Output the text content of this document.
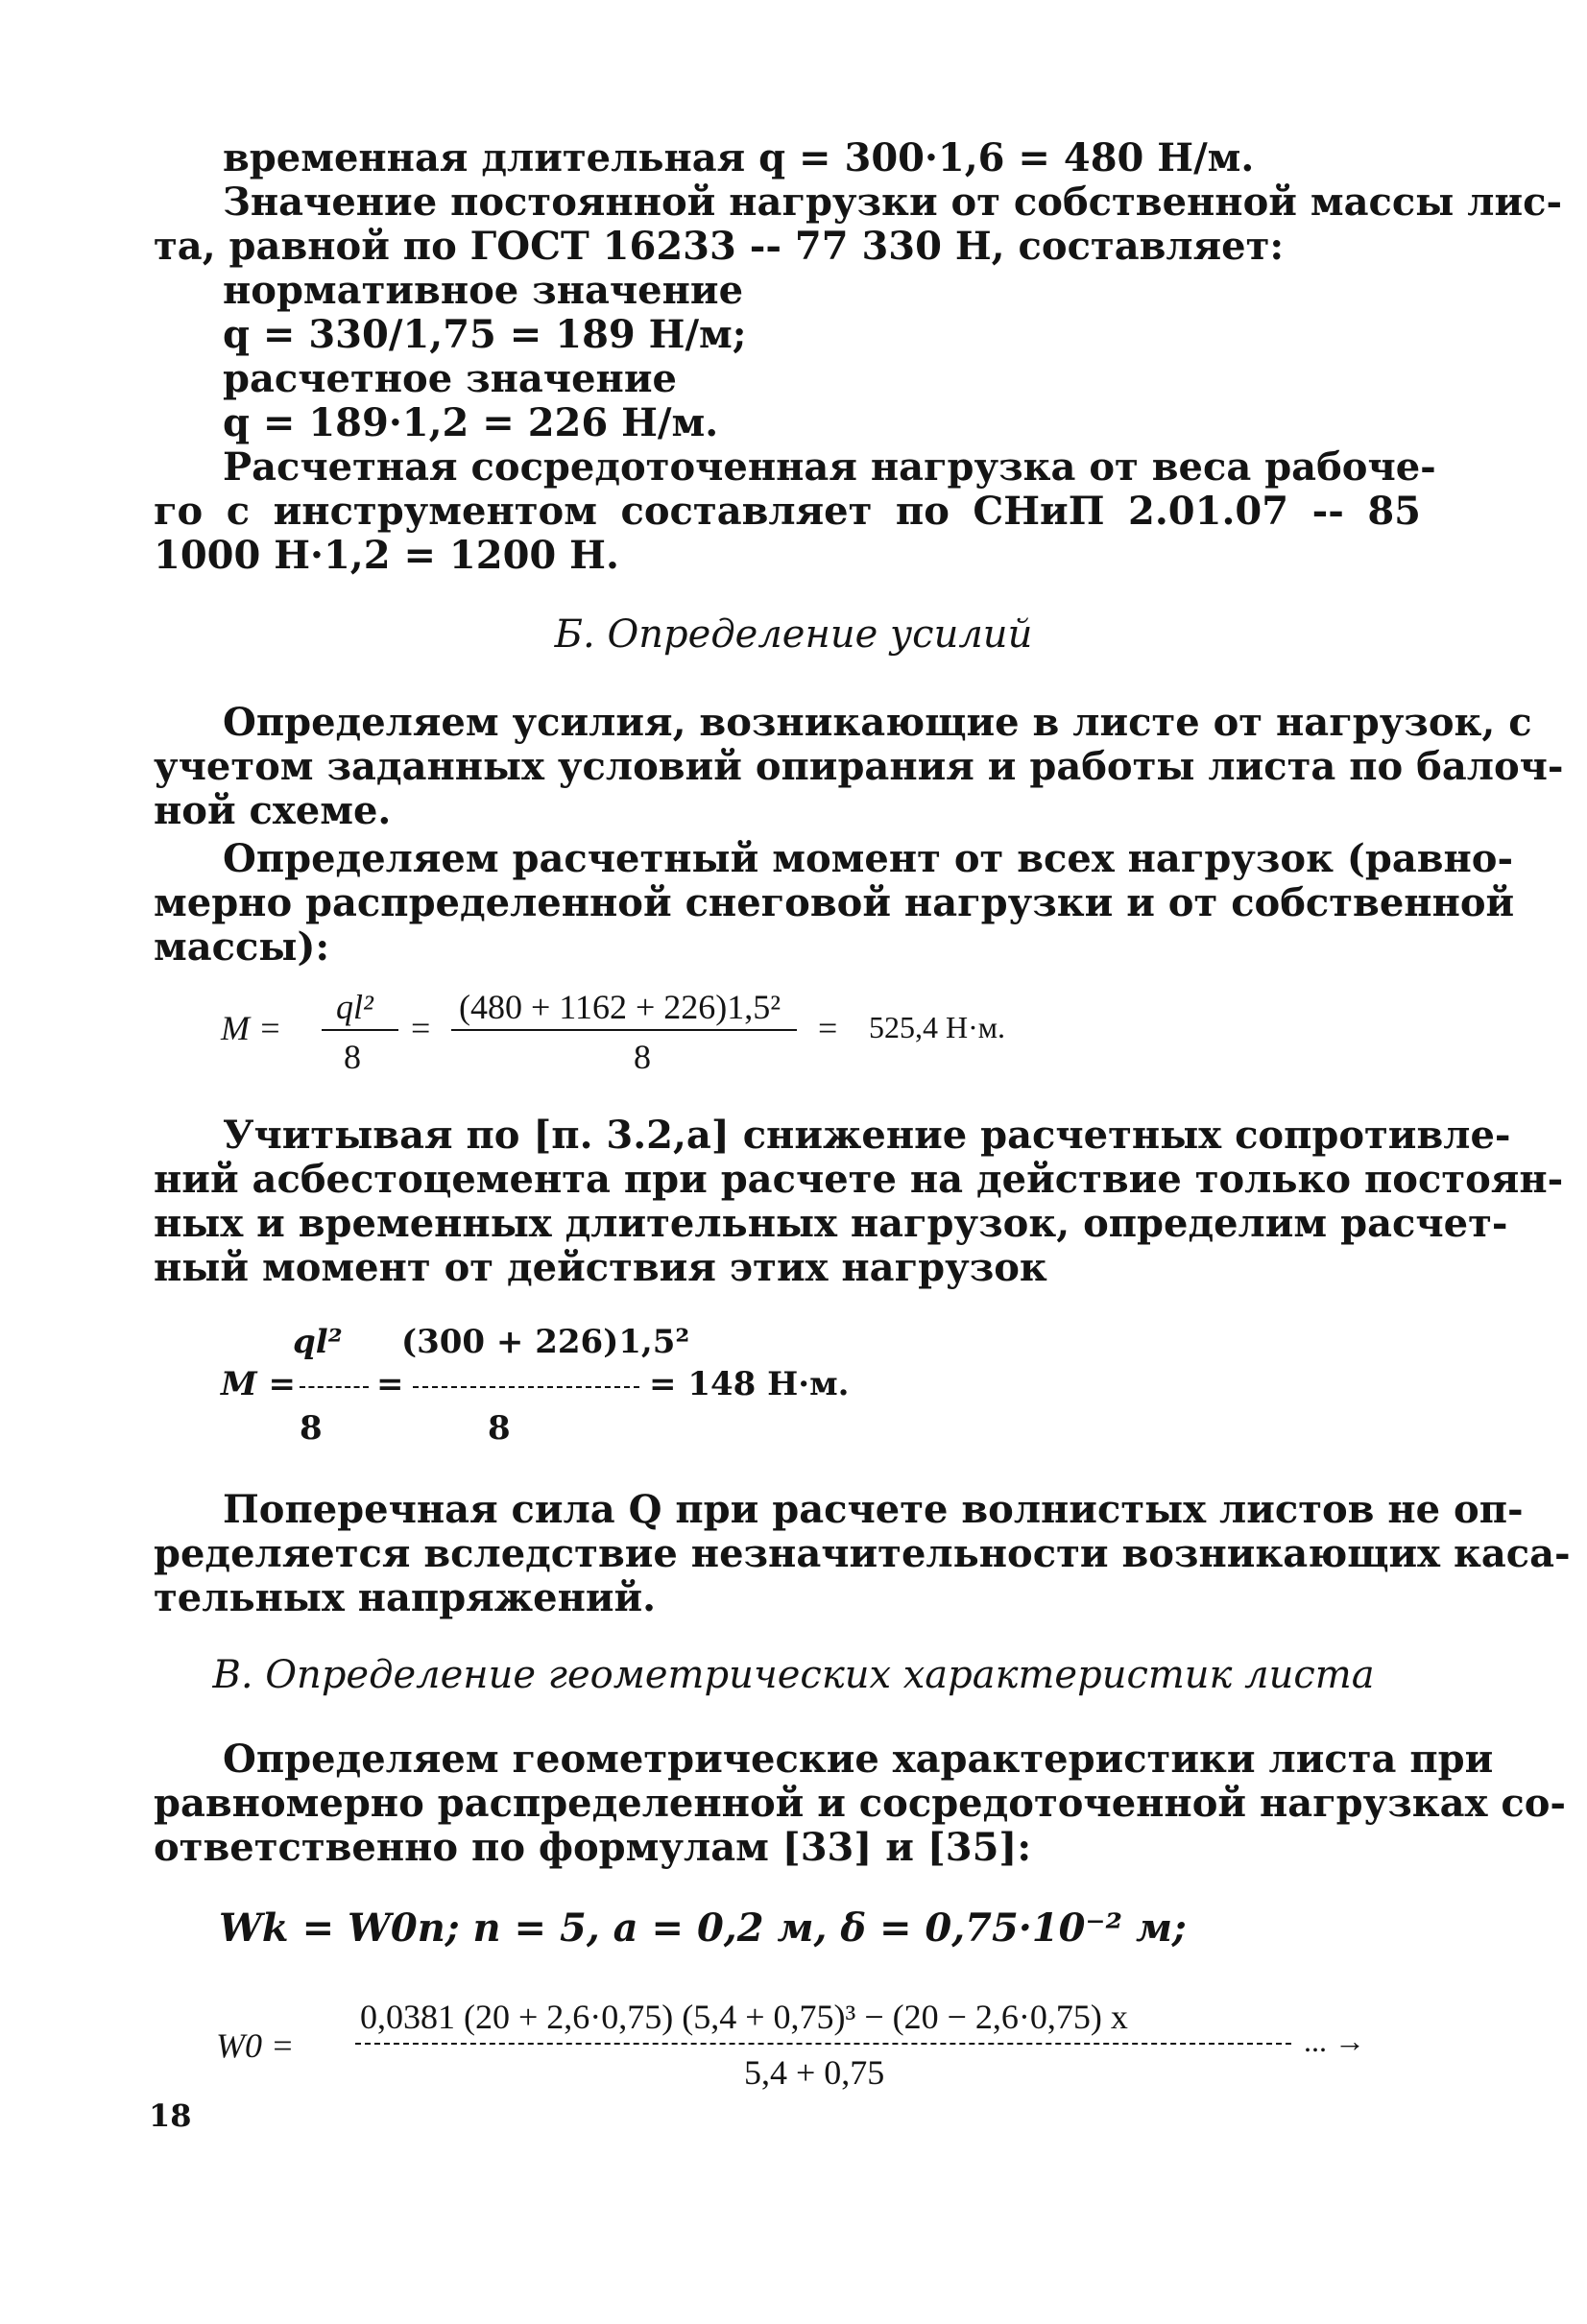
временная длительная q = 300·1,6 = 480 Н/м.
Значение постоянной нагрузки от собственной массы лис-
та, равной по ГОСТ 16233 -- 77 330 Н, составляет:
нормативное значение
q = 330/1,75 = 189 Н/м;
расчетное значение
q = 189·1,2 = 226 Н/м.
Расчетная сосредоточенная нагрузка от веса рабоче-
го с инструментом составляет по СНиП 2.01.07 -- 85
1000 Н·1,2 = 1200 Н.
Б. Определение усилий
Определяем усилия, возникающие в листе от нагрузок, с
учетом заданных условий опирания и работы листа по балоч-
ной схеме.
Определяем расчетный момент от всех нагрузок (равно-
мерно распределенной снеговой нагрузки и от собственной
массы):
M =
ql²
8
=
(480 + 1162 + 226)1,5²
8
= 525,4 Н·м.
Учитывая по [п. 3.2,а] снижение расчетных сопротивле-
ний асбестоцемента при расчете на действие только постоян-
ных и временных длительных нагрузок, определим расчет-
ный момент от действия этих нагрузок
ql² (300 + 226)1,5²
M = =	= 148 Н·м.
8	8
Поперечная сила Q при расчете волнистых листов не оп-
ределяется вследствие незначительности возникающих каса-
тельных напряжений.
В. Определение геометрических характеристик листа
Определяем геометрические характеристики листа при
равномерно распределенной и сосредоточенной нагрузках со-
ответственно по формулам [33] и [35]:
Wk = W0n; n = 5, a = 0,2 м, δ = 0,75·10⁻² м;
W0 =
0,0381 (20 + 2,6·0,75) (5,4 + 0,75)³ − (20 − 2,6·0,75) x
... →
5,4 + 0,75
18
